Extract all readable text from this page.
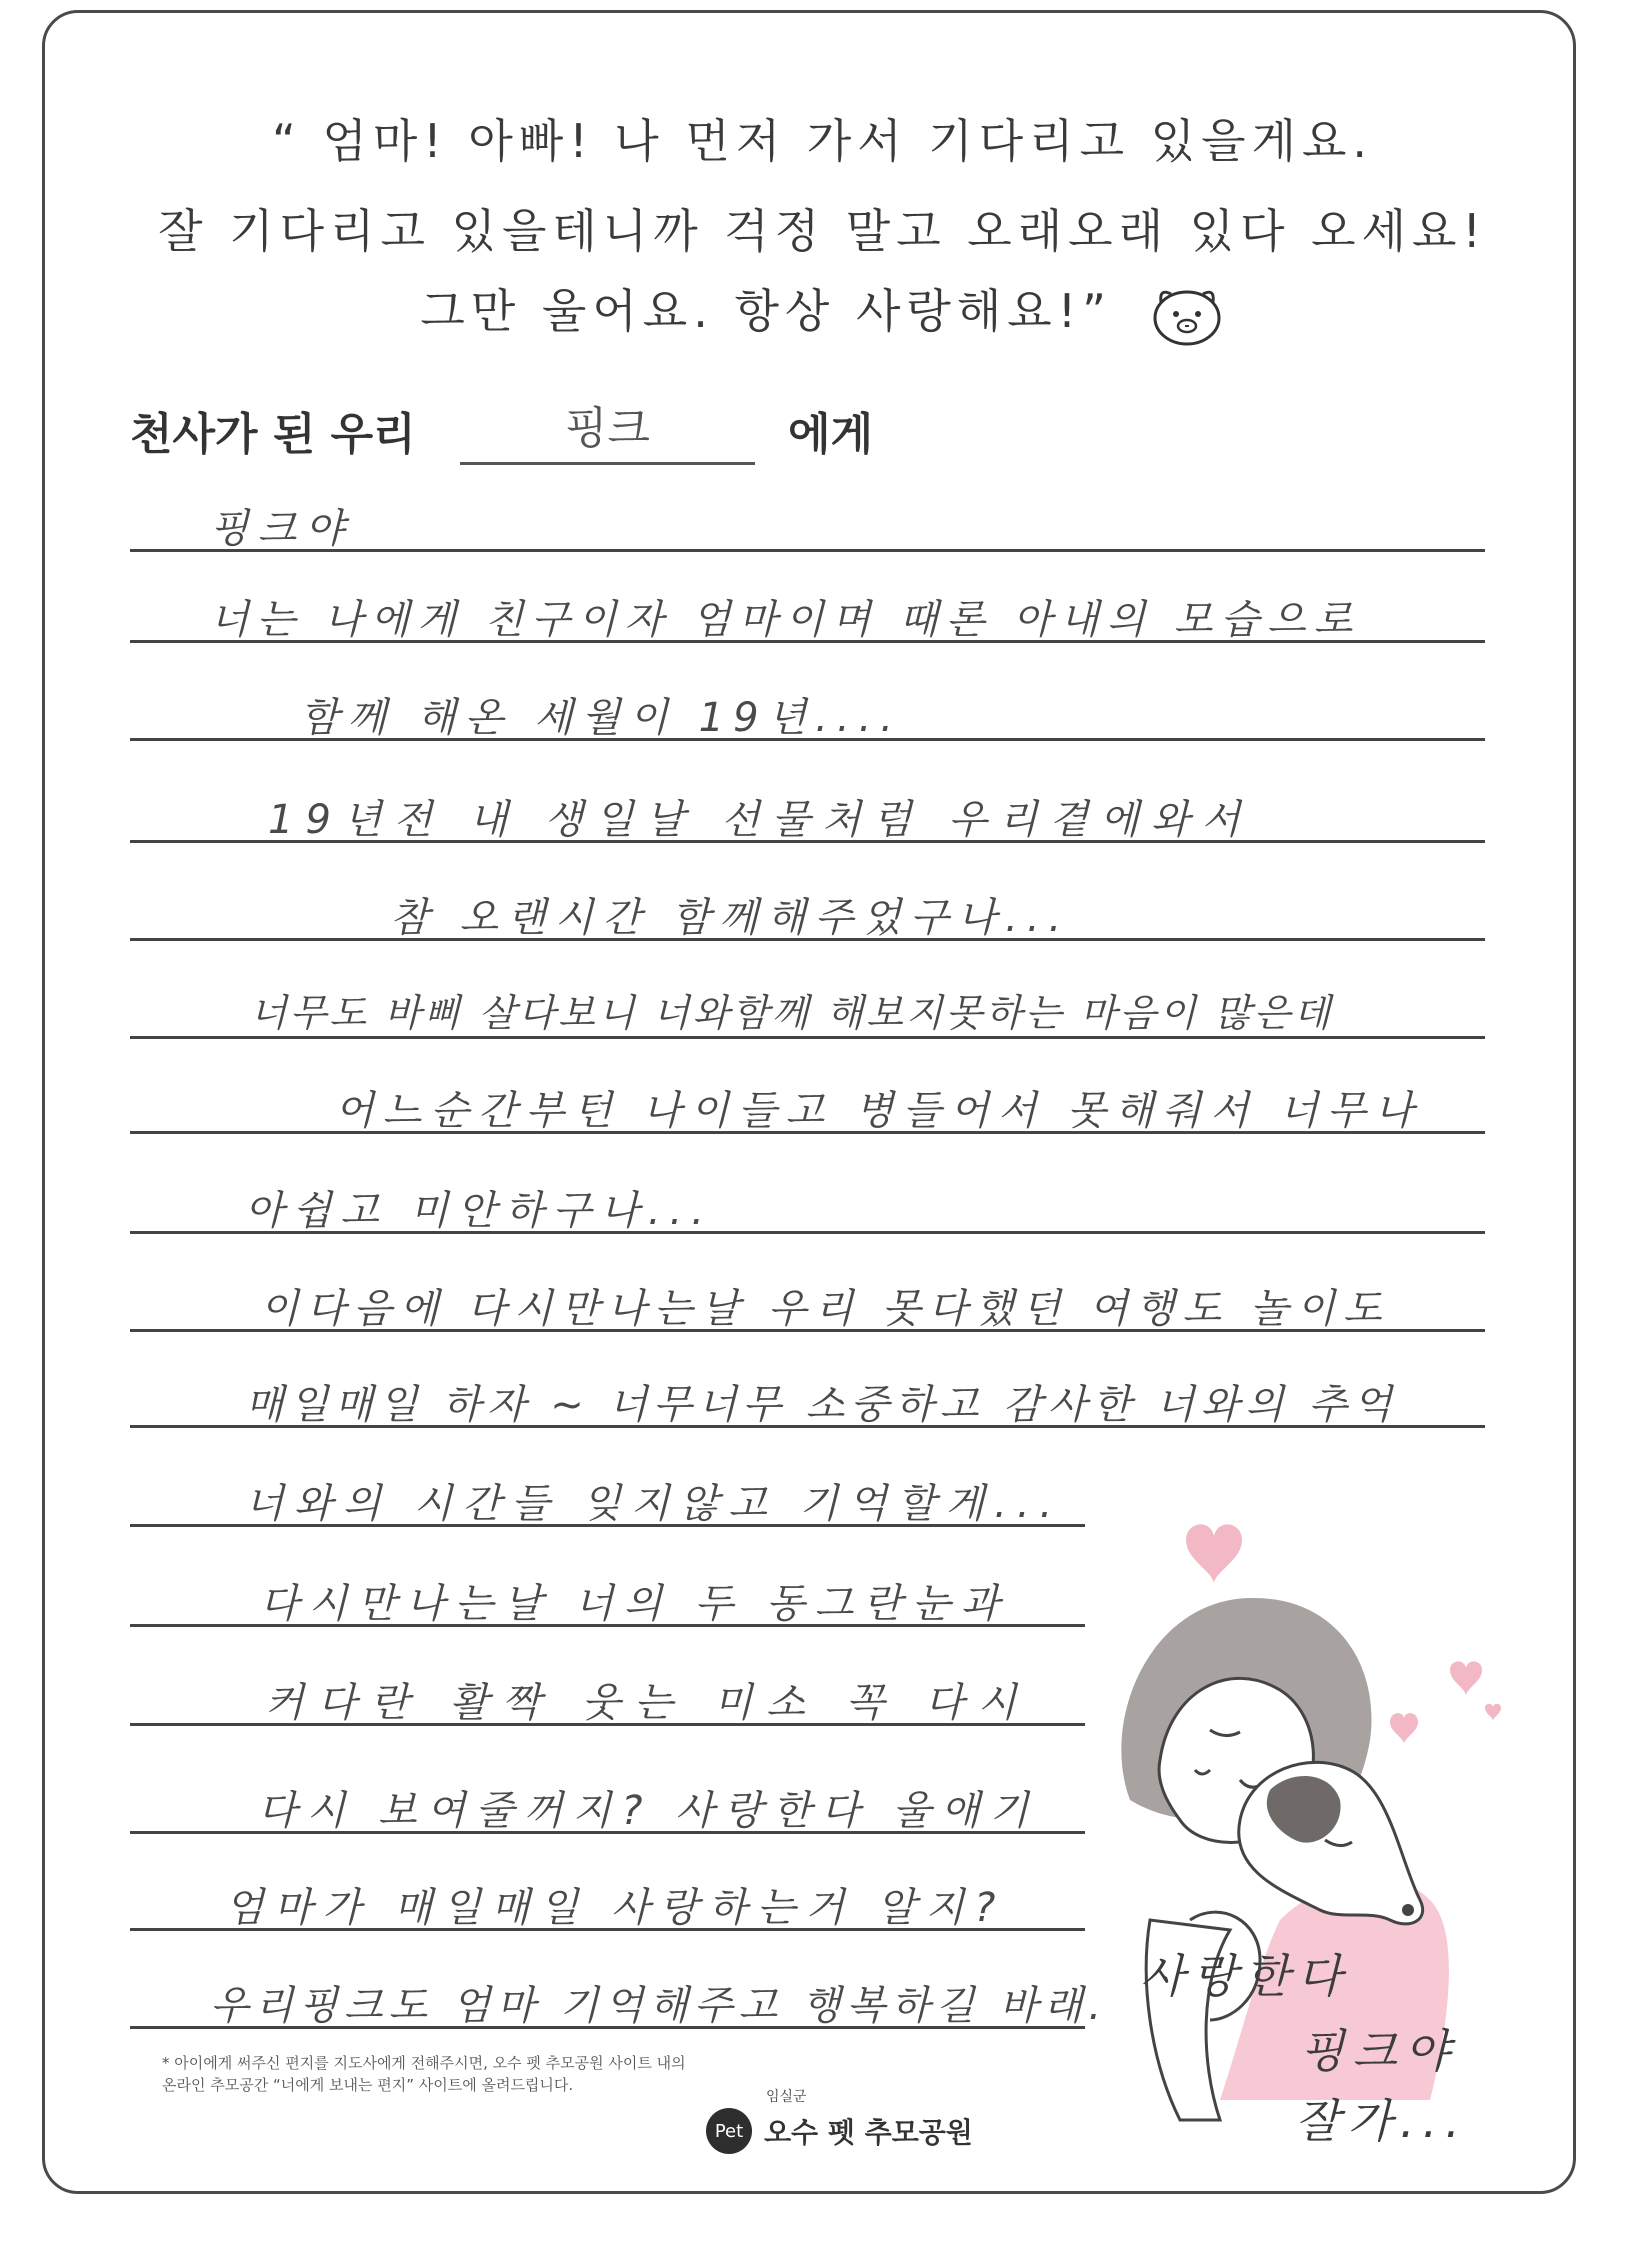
“ 엄마! 아빠! 나 먼저 가서 기다리고 있을게요.
잘 기다리고 있을테니까 걱정 말고 오래오래 있다 오세요!
그만 울어요. 항상 사랑해요!”
천사가 된 우리	핑크	에게
핑크야
너는 나에게 친구이자 엄마이며 때론 아내의 모습으로
함께 해온 세월이 19년....
19년전 내 생일날 선물처럼 우리곁에와서
참 오랜시간 함께해주었구나...
너무도 바삐 살다보니 너와함께 해보지못하는 마음이 많은데
어느순간부턴 나이들고 병들어서 못해줘서 너무나
아쉽고 미안하구나...
이다음에 다시만나는날 우리 못다했던 여행도 놀이도
매일매일 하자 ~ 너무너무 소중하고 감사한 너와의 추억
너와의 시간들 잊지않고 기억할게...
다시만나는날 너의 두 동그란눈과
커다란 활짝 웃는 미소 꼭 다시
다시 보여줄꺼지? 사랑한다 울애기
엄마가 매일매일 사랑하는거 알지?
우리핑크도 엄마 기억해주고 행복하길 바래.
사랑한다
핑크야
잘가...
* 아이에게 써주신 편지를 지도사에게 전해주시면, 오수 펫 추모공원 사이트 내의
온라인 추모공간 “너에게 보내는 편지” 사이트에 올려드립니다.
임실군
Pet 오수 펫 추모공원
